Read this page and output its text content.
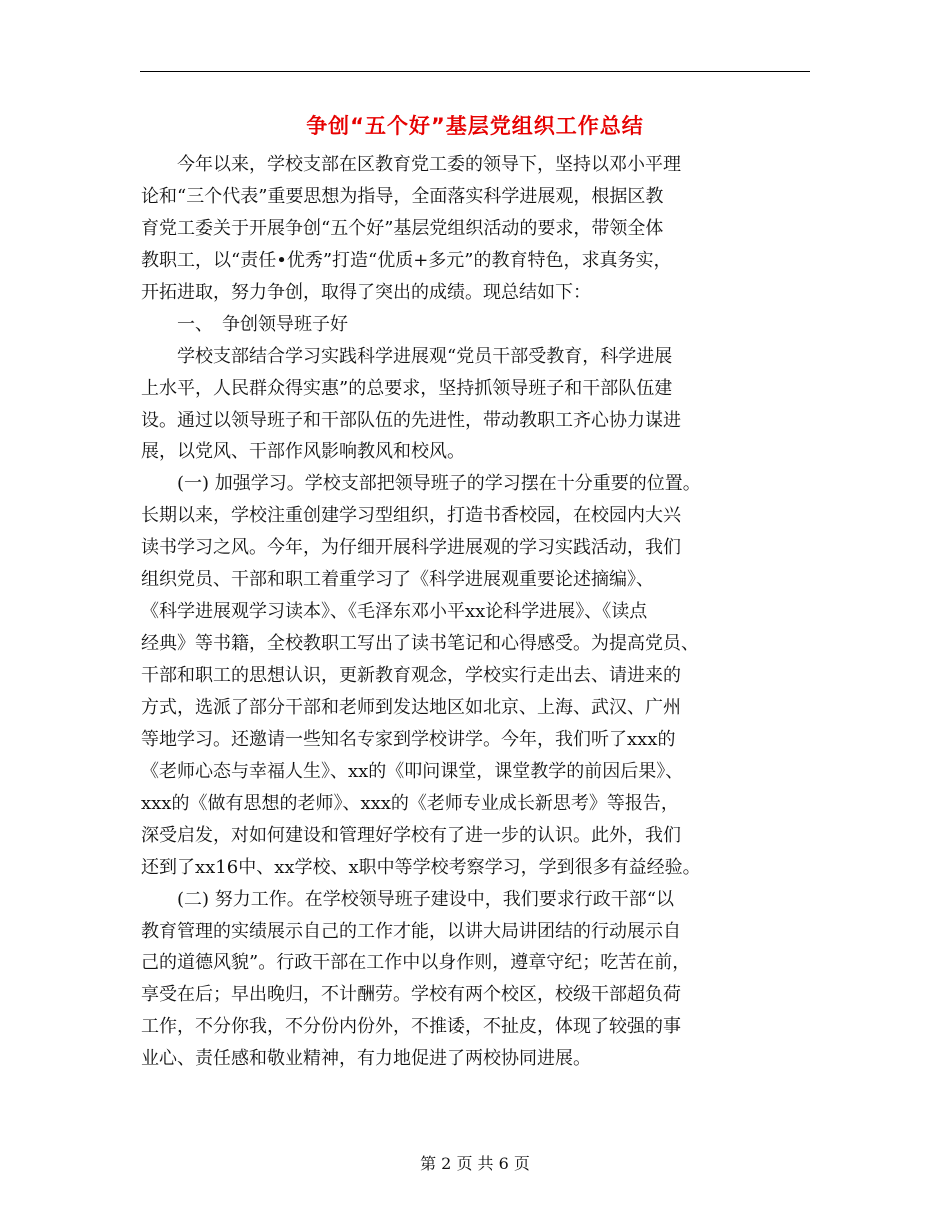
争创“五个好”基层党组织工作总结
　　今年以来，学校支部在区教育党工委的领导下，坚持以邓小平理
论和“三个代表”重要思想为指导，全面落实科学进展观，根据区教
育党工委关于开展争创“五个好”基层党组织活动的要求，带领全体
教职工，以“责任•优秀”打造“优质+多元”的教育特色，求真务实，
开拓进取，努力争创，取得了突出的成绩。现总结如下：
　　一、　争创领导班子好
　　学校支部结合学习实践科学进展观“党员干部受教育，科学进展
上水平，人民群众得实惠”的总要求，坚持抓领导班子和干部队伍建
设。通过以领导班子和干部队伍的先进性，带动教职工齐心协力谋进
展，以党风、干部作风影响教风和校风。
　　(一) 加强学习。学校支部把领导班子的学习摆在十分重要的位置。
长期以来，学校注重创建学习型组织，打造书香校园，在校园内大兴
读书学习之风。今年，为仔细开展科学进展观的学习实践活动，我们
组织党员、干部和职工着重学习了《科学进展观重要论述摘编》、
《科学进展观学习读本》、《毛泽东邓小平xx论科学进展》、《读点
经典》等书籍，全校教职工写出了读书笔记和心得感受。为提高党员、
干部和职工的思想认识，更新教育观念，学校实行走出去、请进来的
方式，选派了部分干部和老师到发达地区如北京、上海、武汉、广州
等地学习。还邀请一些知名专家到学校讲学。今年，我们听了xxx的
《老师心态与幸福人生》、xx的《叩问课堂，课堂教学的前因后果》、
xxx的《做有思想的老师》、xxx的《老师专业成长新思考》等报告，
深受启发，对如何建设和管理好学校有了进一步的认识。此外，我们
还到了xx16中、xx学校、x职中等学校考察学习，学到很多有益经验。
　　(二) 努力工作。在学校领导班子建设中，我们要求行政干部“以
教育管理的实绩展示自己的工作才能，以讲大局讲团结的行动展示自
己的道德风貌”。行政干部在工作中以身作则，遵章守纪；吃苦在前，
享受在后；早出晚归，不计酬劳。学校有两个校区，校级干部超负荷
工作，不分你我，不分份内份外，不推诿，不扯皮，体现了较强的事
业心、责任感和敬业精神，有力地促进了两校协同进展。
第 2 页 共 6 页
